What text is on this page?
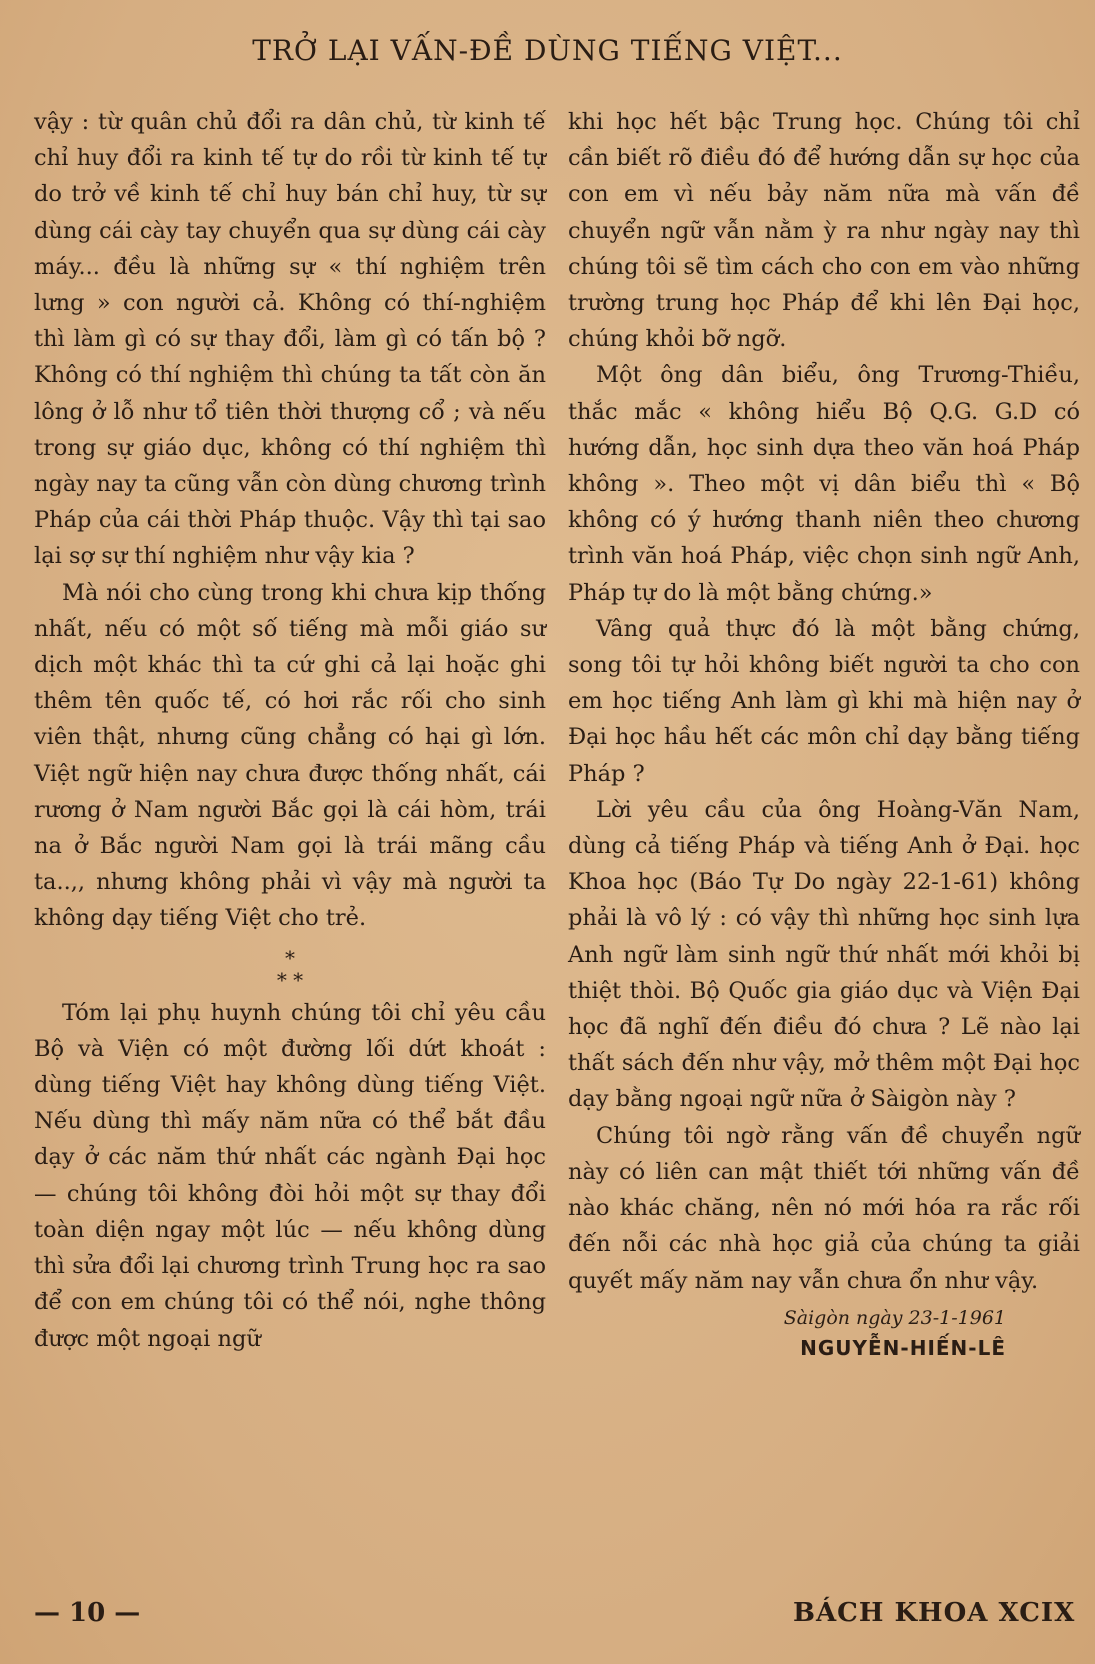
TRỞ LẠI VẤN-ĐỀ DÙNG TIẾNG VIỆT...

vậy : từ quân chủ đổi ra dân chủ, từ kinh tế chỉ huy đổi ra kinh tế tự do rồi từ kinh tế tự do trở về kinh tế chỉ huy bán chỉ huy, từ sự dùng cái cày tay chuyển qua sự dùng cái cày máy... đều là những sự « thí nghiệm trên lưng » con người cả. Không có thí-nghiệm thì làm gì có sự thay đổi, làm gì có tấn bộ ? Không có thí nghiệm thì chúng ta tất còn ăn lông ở lỗ như tổ tiên thời thượng cổ ; và nếu trong sự giáo dục, không có thí nghiệm thì ngày nay ta cũng vẫn còn dùng chương trình Pháp của cái thời Pháp thuộc. Vậy thì tại sao lại sợ sự thí nghiệm như vậy kia ?

Mà nói cho cùng trong khi chưa kịp thống nhất, nếu có một số tiếng mà mỗi giáo sư dịch một khác thì ta cứ ghi cả lại hoặc ghi thêm tên quốc tế, có hơi rắc rối cho sinh viên thật, nhưng cũng chẳng có hại gì lớn. Việt ngữ hiện nay chưa được thống nhất, cái rương ở Nam người Bắc gọi là cái hòm, trái na ở Bắc người Nam gọi là trái mãng cầu ta..,, nhưng không phải vì vậy mà người ta không dạy tiếng Việt cho trẻ.

*
* *

Tóm lại phụ huynh chúng tôi chỉ yêu cầu Bộ và Viện có một đường lối dứt khoát : dùng tiếng Việt hay không dùng tiếng Việt. Nếu dùng thì mấy năm nữa có thể bắt đầu dạy ở các năm thứ nhất các ngành Đại học — chúng tôi không đòi hỏi một sự thay đổi toàn diện ngay một lúc — nếu không dùng thì sửa đổi lại chương trình Trung học ra sao để con em chúng tôi có thể nói, nghe thông được một ngoại ngữ

khi học hết bậc Trung học. Chúng tôi chỉ cần biết rõ điều đó để hướng dẫn sự học của con em vì nếu bảy năm nữa mà vấn đề chuyển ngữ vẫn nằm ỳ ra như ngày nay thì chúng tôi sẽ tìm cách cho con em vào những trường trung học Pháp để khi lên Đại học, chúng khỏi bỡ ngỡ.

Một ông dân biểu, ông Trương-Thiều, thắc mắc « không hiểu Bộ Q.G. G.D có hướng dẫn, học sinh dựa theo văn hoá Pháp không ». Theo một vị dân biểu thì « Bộ không có ý hướng thanh niên theo chương trình văn hoá Pháp, việc chọn sinh ngữ Anh, Pháp tự do là một bằng chứng.»

Vâng quả thực đó là một bằng chứng, song tôi tự hỏi không biết người ta cho con em học tiếng Anh làm gì khi mà hiện nay ở Đại học hầu hết các môn chỉ dạy bằng tiếng Pháp ?

Lời yêu cầu của ông Hoàng-Văn Nam, dùng cả tiếng Pháp và tiếng Anh ở Đại. học Khoa học (Báo Tự Do ngày 22-1-61) không phải là vô lý : có vậy thì những học sinh lựa Anh ngữ làm sinh ngữ thứ nhất mới khỏi bị thiệt thòi. Bộ Quốc gia giáo dục và Viện Đại học đã nghĩ đến điều đó chưa ? Lẽ nào lại thất sách đến như vậy, mở thêm một Đại học dạy bằng ngoại ngữ nữa ở Sàigòn này ?

Chúng tôi ngờ rằng vấn đề chuyển ngữ này có liên can mật thiết tới những vấn đề nào khác chăng, nên nó mới hóa ra rắc rối đến nỗi các nhà học giả của chúng ta giải quyết mấy năm nay vẫn chưa ổn như vậy.

Sàigòn ngày 23-1-1961
NGUYỄN-HIẾN-LÊ
— 10 —	BÁCH KHOA XCIX
